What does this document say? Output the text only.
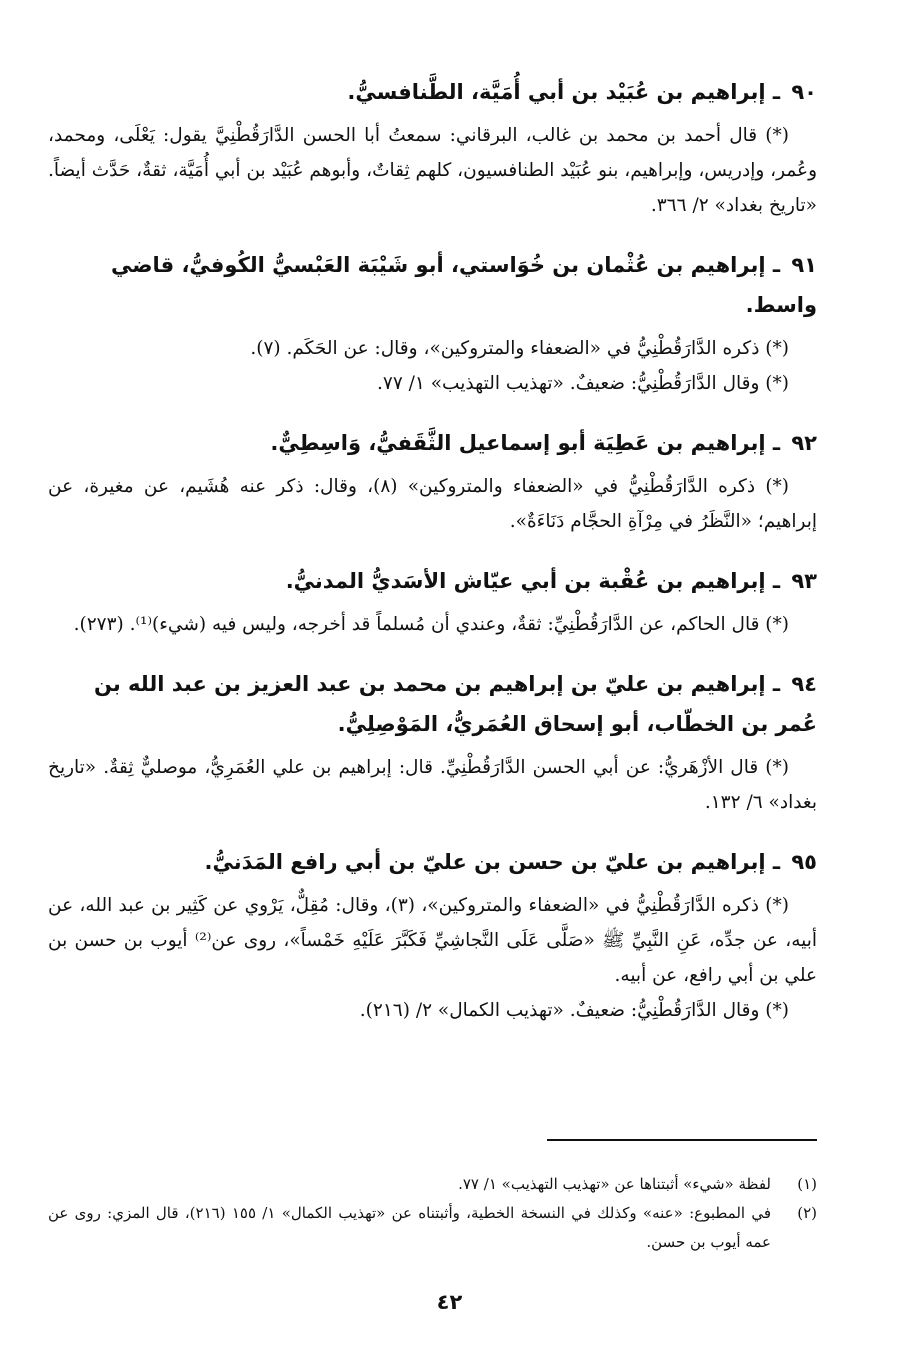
٩٠ ـ إبراهيم بن عُبَيْد بن أبي أُمَيَّة، الطَّنافسيُّ.

(*) قال أحمد بن محمد بن غالب، البرقاني: سمعتُ أبا الحسن الدَّارَقُطْنِيَّ يقول: يَعْلَى، ومحمد، وعُمر، وإدريس، وإبراهيم، بنو عُبَيْد الطنافسيون، كلهم ثِقاتٌ، وأبوهم عُبَيْد بن أبي أُمَيَّة، ثقةٌ، حَدَّث أيضاً. «تاريخ بغداد» ٢/ ٣٦٦.

٩١ ـ إبراهيم بن عُثْمان بن خُوَاستي، أبو شَيْبَة العَبْسيُّ الكُوفيُّ، قاضي واسط.

(*) ذكره الدَّارَقُطْنِيُّ في «الضعفاء والمتروكين»، وقال: عن الحَكَم. (٧).

(*) وقال الدَّارَقُطْنِيُّ: ضعيفٌ. «تهذيب التهذيب» ١/ ٧٧.

٩٢ ـ إبراهيم بن عَطِيَة أبو إسماعيل الثَّقَفيُّ، وَاسِطِيٌّ.

(*) ذكره الدَّارَقُطْنِيُّ في «الضعفاء والمتروكين» (٨)، وقال: ذكر عنه هُشَيم، عن مغيرة، عن إبراهيم؛ «النَّظَرُ في مِرْآةِ الحجَّام دَنَاءَةٌ».

٩٣ ـ إبراهيم بن عُقْبة بن أبي عيّاش الأسَديُّ المدنيُّ.

(*) قال الحاكم، عن الدَّارَقُطْنِيِّ: ثقةٌ، وعندي أن مُسلماً قد أخرجه، وليس فيه (شيء)⁽¹⁾. (٢٧٣).

٩٤ ـ إبراهيم بن عليّ بن إبراهيم بن محمد بن عبد العزيز بن عبد الله بن عُمر بن الخطّاب، أبو إسحاق العُمَريُّ، المَوْصِلِيُّ.

(*) قال الأزْهَريُّ: عن أبي الحسن الدَّارَقُطْنِيِّ. قال: إبراهيم بن علي العُمَرِيُّ، موصليٌّ ثِقةٌ. «تاريخ بغداد» ٦/ ١٣٢.

٩٥ ـ إبراهيم بن عليّ بن حسن بن عليّ بن أبي رافع المَدَنيُّ.

(*) ذكره الدَّارَقُطْنِيُّ في «الضعفاء والمتروكين»، (٣)، وقال: مُقِلٌّ، يَرْوي عن كَثِير بن عبد الله، عن أبيه، عن جدِّه، عَنِ النَّبِيِّ ﷺ «صَلَّى عَلَى النَّجاشِيِّ فَكَبَّرَ عَلَيْهِ خَمْساً»، روى عن⁽²⁾ أيوب بن حسن بن علي بن أبي رافع، عن أبيه.

(*) وقال الدَّارَقُطْنِيُّ: ضعيفٌ. «تهذيب الكمال» ٢/ (٢١٦).

(١)
لفظة «شيء» أثبتناها عن «تهذيب التهذيب» ١/ ٧٧.
(٢)
في المطبوع: «عنه» وكذلك في النسخة الخطية، وأثبتناه عن «تهذيب الكمال» ١/ ١٥٥ (٢١٦)، قال المزي: روى عن عمه أيوب بن حسن.
٤٢
